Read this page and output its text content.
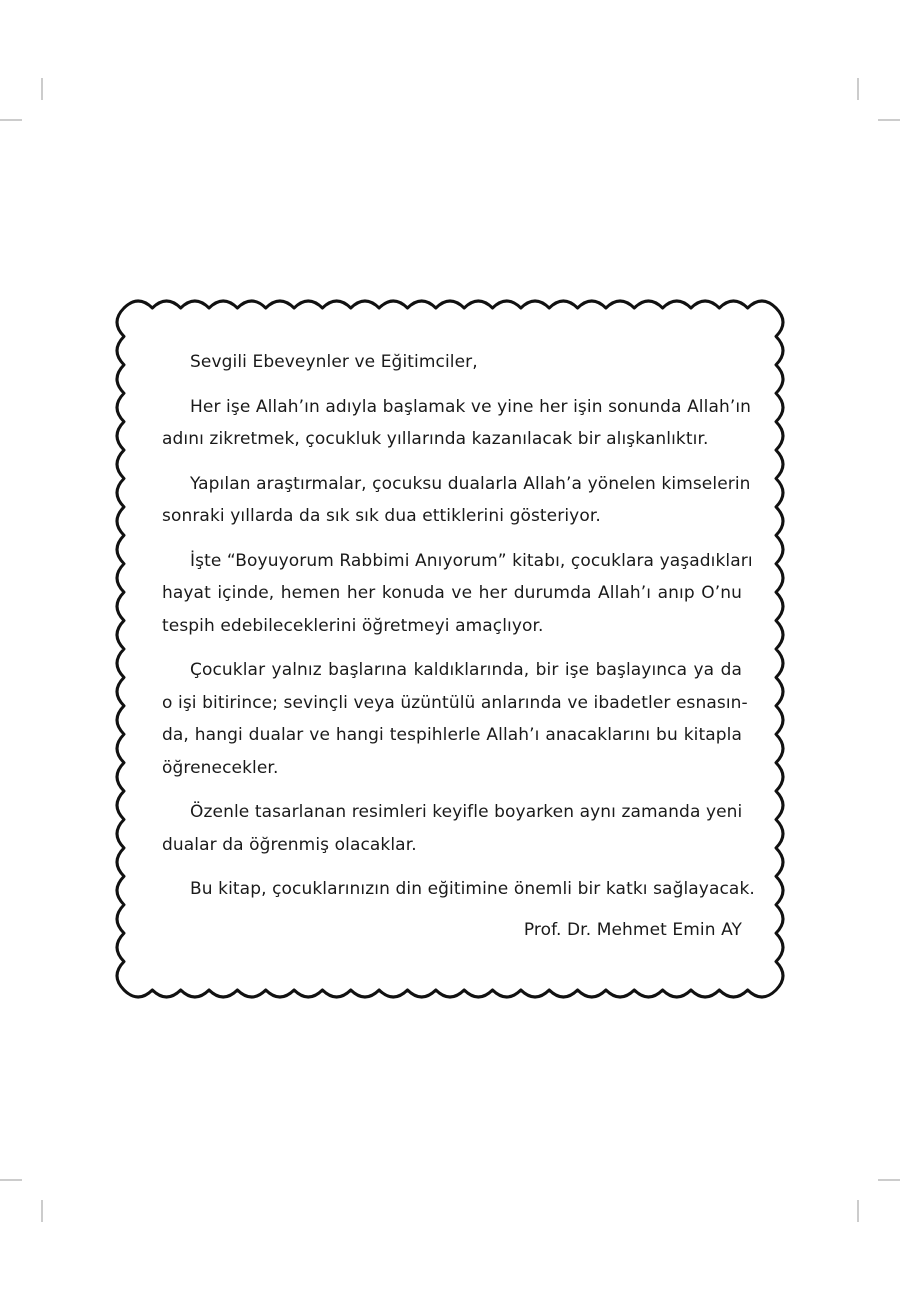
Sevgili Ebeveynler ve Eğitimciler,

Her işe Allah’ın adıyla başlamak ve yine her işin sonunda Allah’ın
adını zikretmek, çocukluk yıllarında kazanılacak bir alışkanlıktır.

Yapılan araştırmalar, çocuksu dualarla Allah’a yönelen kimselerin
sonraki yıllarda da sık sık dua ettiklerini gösteriyor.

İşte “Boyuyorum Rabbimi Anıyorum” kitabı, çocuklara yaşadıkları
hayat içinde, hemen her konuda ve her durumda Allah’ı anıp O’nu
tespih edebileceklerini öğretmeyi amaçlıyor.

Çocuklar yalnız başlarına kaldıklarında, bir işe başlayınca ya da
o işi bitirince; sevinçli veya üzüntülü anlarında ve ibadetler esnasın-
da, hangi dualar ve hangi tespihlerle Allah’ı anacaklarını bu kitapla
öğrenecekler.

Özenle tasarlanan resimleri keyifle boyarken aynı zamanda yeni
dualar da öğrenmiş olacaklar.

Bu kitap, çocuklarınızın din eğitimine önemli bir katkı sağlayacak.

Prof. Dr. Mehmet Emin AY
